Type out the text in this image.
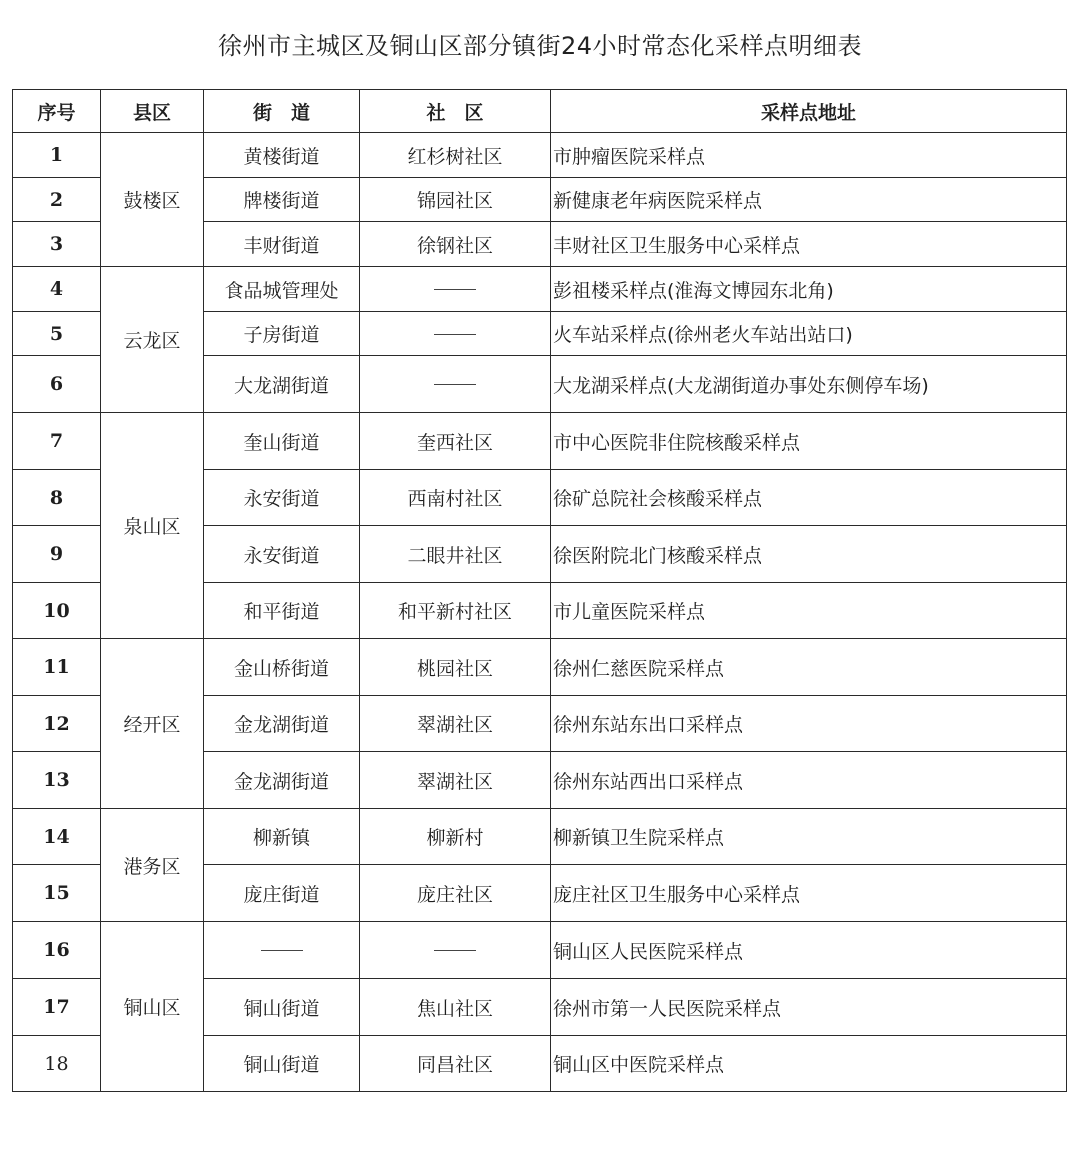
徐州市主城区及铜山区部分镇街24小时常态化采样点明细表
序号	县区	街　道	社　区	采样点地址
1	鼓楼区	黄楼街道	红杉树社区	市肿瘤医院采样点
2		牌楼街道	锦园社区	新健康老年病医院采样点
3		丰财街道	徐钢社区	丰财社区卫生服务中心采样点
4	云龙区	食品城管理处		彭祖楼采样点(淮海文博园东北角)
5		子房街道		火车站采样点(徐州老火车站出站口)
6		大龙湖街道		大龙湖采样点(大龙湖街道办事处东侧停车场)
7	泉山区	奎山街道	奎西社区	市中心医院非住院核酸采样点
8		永安街道	西南村社区	徐矿总院社会核酸采样点
9		永安街道	二眼井社区	徐医附院北门核酸采样点
10		和平街道	和平新村社区	市儿童医院采样点
11	经开区	金山桥街道	桃园社区	徐州仁慈医院采样点
12		金龙湖街道	翠湖社区	徐州东站东出口采样点
13		金龙湖街道	翠湖社区	徐州东站西出口采样点
14	港务区	柳新镇	柳新村	柳新镇卫生院采样点
15		庞庄街道	庞庄社区	庞庄社区卫生服务中心采样点
16	铜山区			铜山区人民医院采样点
17		铜山街道	焦山社区	徐州市第一人民医院采样点
18		铜山街道	同昌社区	铜山区中医院采样点
